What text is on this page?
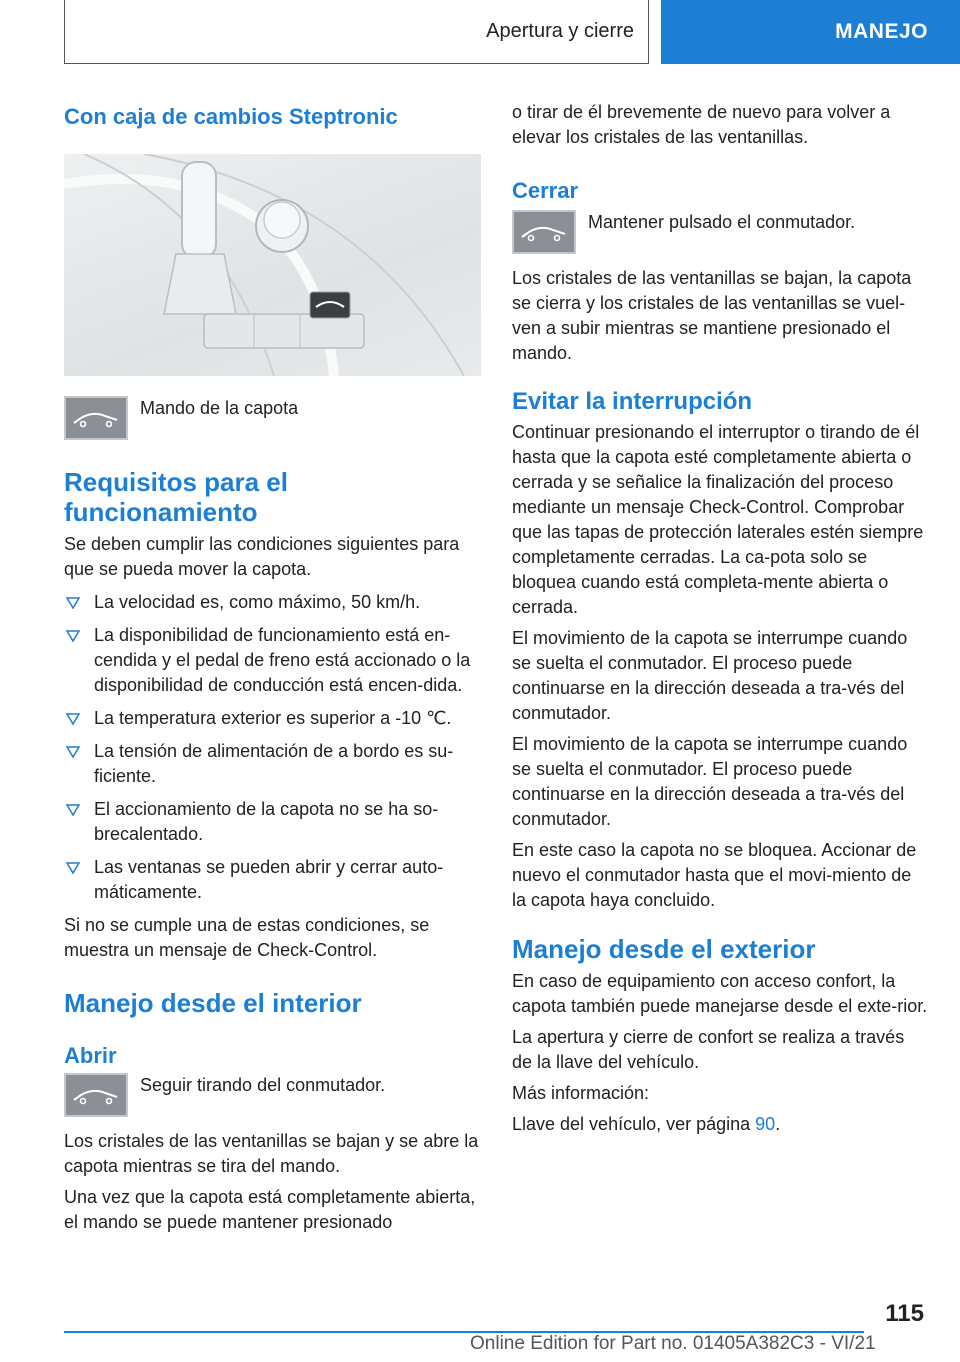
Apertura y cierre	MANEJO
Con caja de cambios Steptronic

Mando de la capota

Requisitos para el funcionamiento

Se deben cumplir las condiciones siguientes para que se pueda mover la capota.

La velocidad es, como máximo, 50 km/h.
La disponibilidad de funcionamiento está en-cendida y el pedal de freno está accionado o la disponibilidad de conducción está encen-dida.
La temperatura exterior es superior a -10 ℃.
La tensión de alimentación de a bordo es su-ficiente.
El accionamiento de la capota no se ha so-brecalentado.
Las ventanas se pueden abrir y cerrar auto-máticamente.

Si no se cumple una de estas condiciones, se muestra un mensaje de Check-Control.

Manejo desde el interior
Abrir

Seguir tirando del conmutador.

Los cristales de las ventanillas se bajan y se abre la capota mientras se tira del mando.

Una vez que la capota está completamente abierta, el mando se puede mantener presionado

o tirar de él brevemente de nuevo para volver a elevar los cristales de las ventanillas.

Cerrar

Mantener pulsado el conmutador.

Los cristales de las ventanillas se bajan, la capota se cierra y los cristales de las ventanillas se vuel-ven a subir mientras se mantiene presionado el mando.

Evitar la interrupción

Continuar presionando el interruptor o tirando de él hasta que la capota esté completamente abierta o cerrada y se señalice la finalización del proceso mediante un mensaje Check-Control. Comprobar que las tapas de protección laterales estén siempre completamente cerradas. La ca-pota solo se bloquea cuando está completa-mente abierta o cerrada.

El movimiento de la capota se interrumpe cuando se suelta el conmutador. El proceso puede continuarse en la dirección deseada a tra-vés del conmutador.

El movimiento de la capota se interrumpe cuando se suelta el conmutador. El proceso puede continuarse en la dirección deseada a tra-vés del conmutador.

En este caso la capota no se bloquea. Accionar de nuevo el conmutador hasta que el movi-miento de la capota haya concluido.

Manejo desde el exterior

En caso de equipamiento con acceso confort, la capota también puede manejarse desde el exte-rior.

La apertura y cierre de confort se realiza a través de la llave del vehículo.

Más información:

Llave del vehículo, ver página 90.

115
Online Edition for Part no. 01405A382C3 - VI/21
